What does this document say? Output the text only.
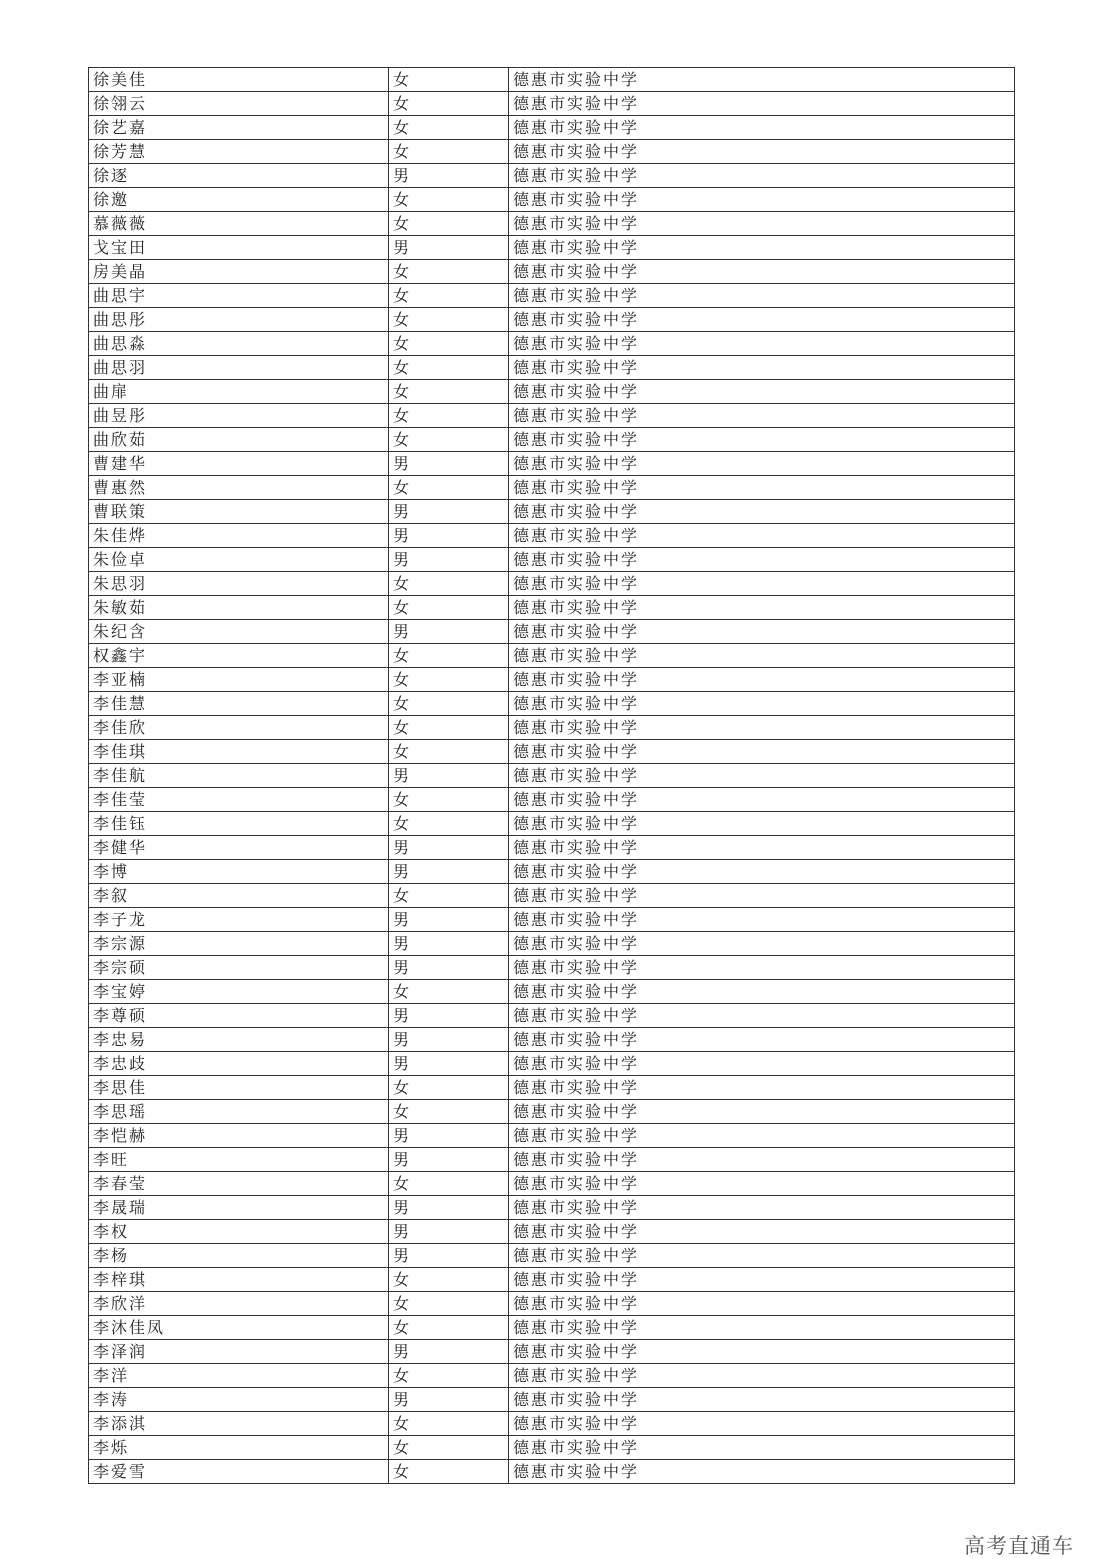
徐美佳	女	德惠市实验中学
徐翎云	女	德惠市实验中学
徐艺嘉	女	德惠市实验中学
徐芳慧	女	德惠市实验中学
徐逐	男	德惠市实验中学
徐邀	女	德惠市实验中学
慕薇薇	女	德惠市实验中学
戈宝田	男	德惠市实验中学
房美晶	女	德惠市实验中学
曲思宇	女	德惠市实验中学
曲思彤	女	德惠市实验中学
曲思淼	女	德惠市实验中学
曲思羽	女	德惠市实验中学
曲扉	女	德惠市实验中学
曲昱彤	女	德惠市实验中学
曲欣茹	女	德惠市实验中学
曹建华	男	德惠市实验中学
曹惠然	女	德惠市实验中学
曹联策	男	德惠市实验中学
朱佳烨	男	德惠市实验中学
朱俭卓	男	德惠市实验中学
朱思羽	女	德惠市实验中学
朱敏茹	女	德惠市实验中学
朱纪含	男	德惠市实验中学
权鑫宇	女	德惠市实验中学
李亚楠	女	德惠市实验中学
李佳慧	女	德惠市实验中学
李佳欣	女	德惠市实验中学
李佳琪	女	德惠市实验中学
李佳航	男	德惠市实验中学
李佳莹	女	德惠市实验中学
李佳钰	女	德惠市实验中学
李健华	男	德惠市实验中学
李博	男	德惠市实验中学
李叙	女	德惠市实验中学
李子龙	男	德惠市实验中学
李宗源	男	德惠市实验中学
李宗硕	男	德惠市实验中学
李宝婷	女	德惠市实验中学
李尊硕	男	德惠市实验中学
李忠易	男	德惠市实验中学
李忠歧	男	德惠市实验中学
李思佳	女	德惠市实验中学
李思瑶	女	德惠市实验中学
李恺赫	男	德惠市实验中学
李旺	男	德惠市实验中学
李春莹	女	德惠市实验中学
李晟瑞	男	德惠市实验中学
李权	男	德惠市实验中学
李杨	男	德惠市实验中学
李梓琪	女	德惠市实验中学
李欣洋	女	德惠市实验中学
李沐佳凤	女	德惠市实验中学
李泽润	男	德惠市实验中学
李洋	女	德惠市实验中学
李涛	男	德惠市实验中学
李添淇	女	德惠市实验中学
李烁	女	德惠市实验中学
李爱雪	女	德惠市实验中学
高考直通车
